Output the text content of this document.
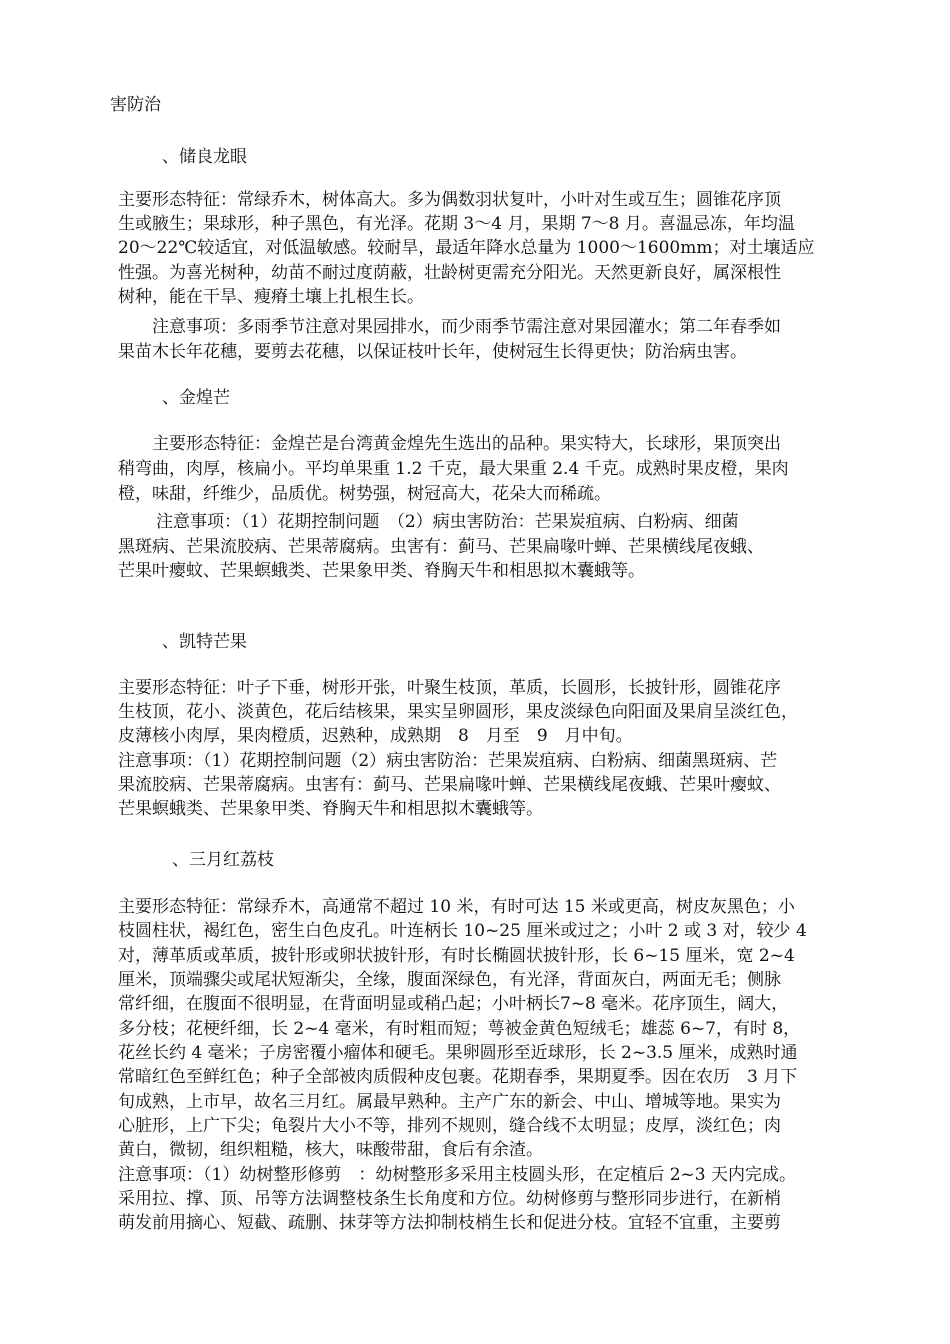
害防治
、储良龙眼
主要形态特征：常绿乔木，树体高大。多为偶数羽状复叶，小叶对生或互生；圆锥花序顶
生或腋生；果球形，种子黑色，有光泽。花期 3～4 月，果期 7～8 月。喜温忌冻，年均温
20～22℃较适宜，对低温敏感。较耐旱，最适年降水总量为 1000～1600mm；对土壤适应
性强。为喜光树种，幼苗不耐过度荫蔽，壮龄树更需充分阳光。天然更新良好，属深根性
树种，能在干旱、瘦瘠土壤上扎根生长。
注意事项：多雨季节注意对果园排水，而少雨季节需注意对果园灌水；第二年春季如
果苗木长年花穗，要剪去花穗，以保证枝叶长年，使树冠生长得更快；防治病虫害。
、金煌芒
主要形态特征：金煌芒是台湾黄金煌先生选出的品种。果实特大，长球形，果顶突出
稍弯曲，肉厚，核扁小。平均单果重 1.2 千克，最大果重 2.4 千克。成熟时果皮橙，果肉
橙，味甜，纤维少，品质优。树势强，树冠高大，花朵大而稀疏。
注意事项：（1）花期控制问题　（2）病虫害防治：芒果炭疽病、白粉病、细菌
黑斑病、芒果流胶病、芒果蒂腐病。虫害有：蓟马、芒果扁喙叶蝉、芒果横线尾夜蛾、
芒果叶瘿蚊、芒果螟蛾类、芒果象甲类、脊胸天牛和相思拟木囊蛾等。
、凯特芒果
主要形态特征：叶子下垂，树形开张，叶聚生枝顶，革质，长圆形，长披针形，圆锥花序
生枝顶，花小、淡黄色，花后结核果，果实呈卵圆形，果皮淡绿色向阳面及果肩呈淡红色，
皮薄核小肉厚，果肉橙质，迟熟种，成熟期　8　月至　9　月中旬。
注意事项：（1）花期控制问题（2）病虫害防治：芒果炭疽病、白粉病、细菌黑斑病、芒
果流胶病、芒果蒂腐病。虫害有：蓟马、芒果扁喙叶蝉、芒果横线尾夜蛾、芒果叶瘿蚊、
芒果螟蛾类、芒果象甲类、脊胸天牛和相思拟木囊蛾等。
、三月红荔枝
主要形态特征：常绿乔木，高通常不超过 10 米，有时可达 15 米或更高，树皮灰黑色；小
枝圆柱状，褐红色，密生白色皮孔。叶连柄长 10~25 厘米或过之；小叶 2 或 3 对，较少 4
对，薄革质或革质，披针形或卵状披针形，有时长椭圆状披针形，长 6~15 厘米，宽 2~4
厘米，顶端骤尖或尾状短渐尖，全缘，腹面深绿色，有光泽，背面灰白，两面无毛；侧脉
常纤细，在腹面不很明显，在背面明显或稍凸起；小叶柄长7~8 毫米。花序顶生，阔大，
多分枝；花梗纤细，长 2~4 毫米，有时粗而短；萼被金黄色短绒毛；雄蕊 6~7，有时 8，
花丝长约 4 毫米；子房密覆小瘤体和硬毛。果卵圆形至近球形，长 2~3.5 厘米，成熟时通
常暗红色至鲜红色；种子全部被肉质假种皮包裹。花期春季，果期夏季。因在农历　3 月下
旬成熟，上市早，故名三月红。属最早熟种。主产广东的新会、中山、增城等地。果实为
心脏形，上广下尖；龟裂片大小不等，排列不规则，缝合线不太明显；皮厚，淡红色；肉
黄白，微韧，组织粗糙，核大，味酸带甜，食后有余渣。
注意事项：（1）幼树整形修剪　：幼树整形多采用主枝圆头形，在定植后 2~3 天内完成。
采用拉、撑、顶、吊等方法调整枝条生长角度和方位。幼树修剪与整形同步进行，在新梢
萌发前用摘心、短截、疏删、抹芽等方法抑制枝梢生长和促进分枝。宜轻不宜重，主要剪
